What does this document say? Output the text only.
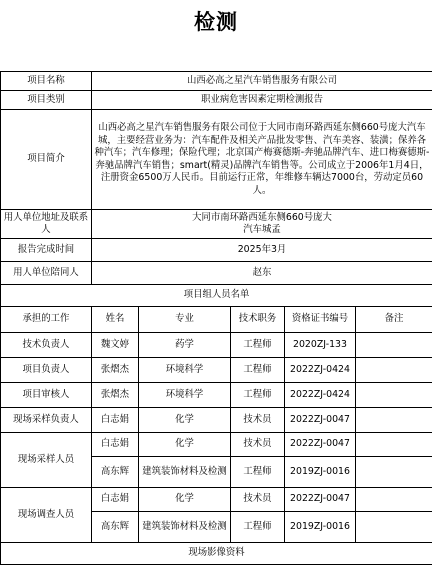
检测
项目名称	山西必高之星汽车销售服务有限公司				
项目类别	职业病危害因素定期检测报告				
项目简介	山西必高之星汽车销售服务有限公司位于大同市南环路西延东侧660号庞大汽车城，主要经营业务为：汽车配件及相关产品批发零售、汽车美容、装潢；保养各种汽车；汽车修理；保险代理；北京国产梅赛德斯-奔驰品牌汽车、进口梅赛德斯-奔驰品牌汽车销售；smart(精灵)品牌汽车销售等。公司成立于2006年1月4日，注册资金6500万人民币。目前运行正常，年维修车辆达7000台，劳动定员60人。				
用人单位地址及联系人	大同市南环路西延东侧660号庞大汽车城孟				
报告完成时间	2025年3月				
用人单位陪同人	赵东				
项目组人员名单					
承担的工作	姓名	专业	技术职务	资格证书编号	备注
技术负责人	魏文婷	药学	工程师	2020ZJ-133	
项目负责人	张熠杰	环境科学	工程师	2022ZJ-0424	
项目审核人	张熠杰	环境科学	工程师	2022ZJ-0424	
现场采样负责人	白志娟	化学	技术员	2022ZJ-0047	
现场采样人员	白志娟	化学	技术员	2022ZJ-0047	
	高东辉	建筑装饰材料及检测	工程师	2019ZJ-0016	
现场调查人员	白志娟	化学	技术员	2022ZJ-0047	
	高东辉	建筑装饰材料及检测	工程师	2019ZJ-0016	
现场影像资料					
